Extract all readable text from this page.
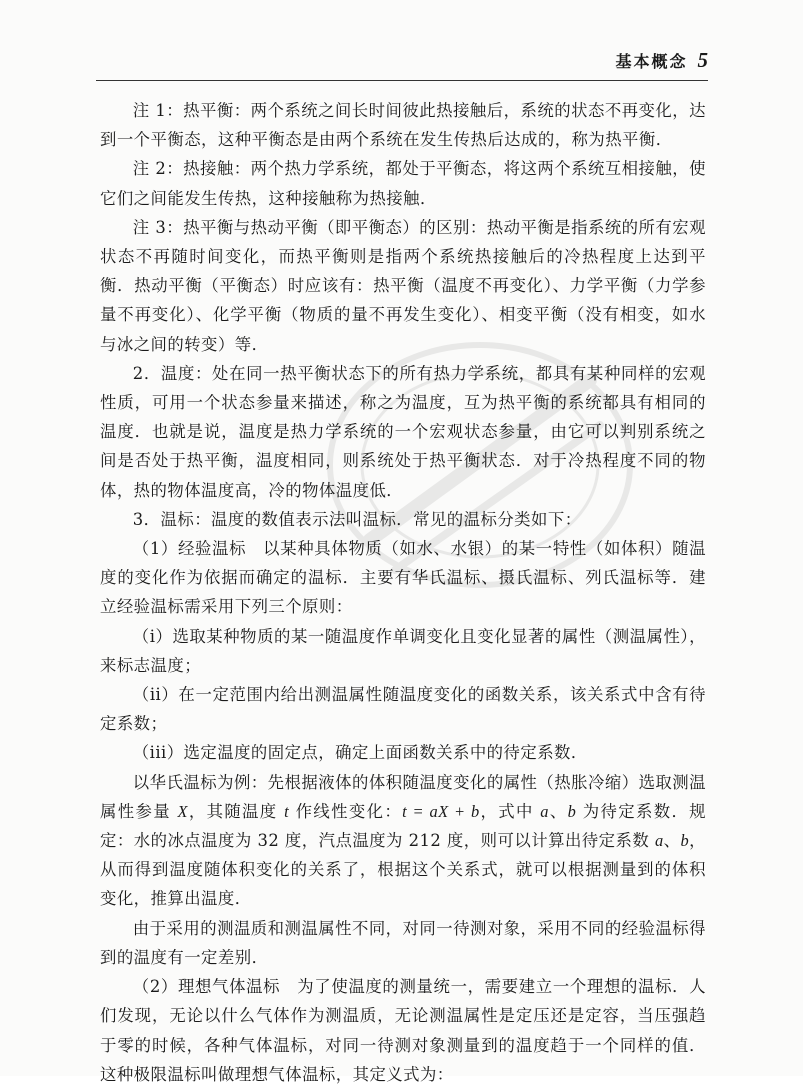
基本概念 5

注 1：热平衡：两个系统之间长时间彼此热接触后，系统的状态不再变化，达到一个平衡态，这种平衡态是由两个系统在发生传热后达成的，称为热平衡．

注 2：热接触：两个热力学系统，都处于平衡态，将这两个系统互相接触，使它们之间能发生传热，这种接触称为热接触．

注 3：热平衡与热动平衡（即平衡态）的区别：热动平衡是指系统的所有宏观状态不再随时间变化，而热平衡则是指两个系统热接触后的冷热程度上达到平衡．热动平衡（平衡态）时应该有：热平衡（温度不再变化）、力学平衡（力学参量不再变化）、化学平衡（物质的量不再发生变化）、相变平衡（没有相变，如水与冰之间的转变）等．

2．温度：处在同一热平衡状态下的所有热力学系统，都具有某种同样的宏观性质，可用一个状态参量来描述，称之为温度，互为热平衡的系统都具有相同的温度．也就是说，温度是热力学系统的一个宏观状态参量，由它可以判别系统之间是否处于热平衡，温度相同，则系统处于热平衡状态．对于冷热程度不同的物体，热的物体温度高，冷的物体温度低．

3．温标：温度的数值表示法叫温标．常见的温标分类如下：

（1）经验温标　以某种具体物质（如水、水银）的某一特性（如体积）随温度的变化作为依据而确定的温标．主要有华氏温标、摄氏温标、列氏温标等．建立经验温标需采用下列三个原则：

（i）选取某种物质的某一随温度作单调变化且变化显著的属性（测温属性），来标志温度；

（ii）在一定范围内给出测温属性随温度变化的函数关系，该关系式中含有待定系数；

（iii）选定温度的固定点，确定上面函数关系中的待定系数．

以华氏温标为例：先根据液体的体积随温度变化的属性（热胀冷缩）选取测温属性参量 X，其随温度 t 作线性变化：t = aX + b，式中 a、b 为待定系数．规定：水的冰点温度为 32 度，汽点温度为 212 度，则可以计算出待定系数 a、b，从而得到温度随体积变化的关系了，根据这个关系式，就可以根据测量到的体积变化，推算出温度．

由于采用的测温质和测温属性不同，对同一待测对象，采用不同的经验温标得到的温度有一定差别．

（2）理想气体温标　为了使温度的测量统一，需要建立一个理想的温标．人们发现，无论以什么气体作为测温质，无论测温属性是定压还是定容，当压强趋于零的时候，各种气体温标，对同一待测对象测量到的温度趋于一个同样的值．这种极限温标叫做理想气体温标，其定义式为：
